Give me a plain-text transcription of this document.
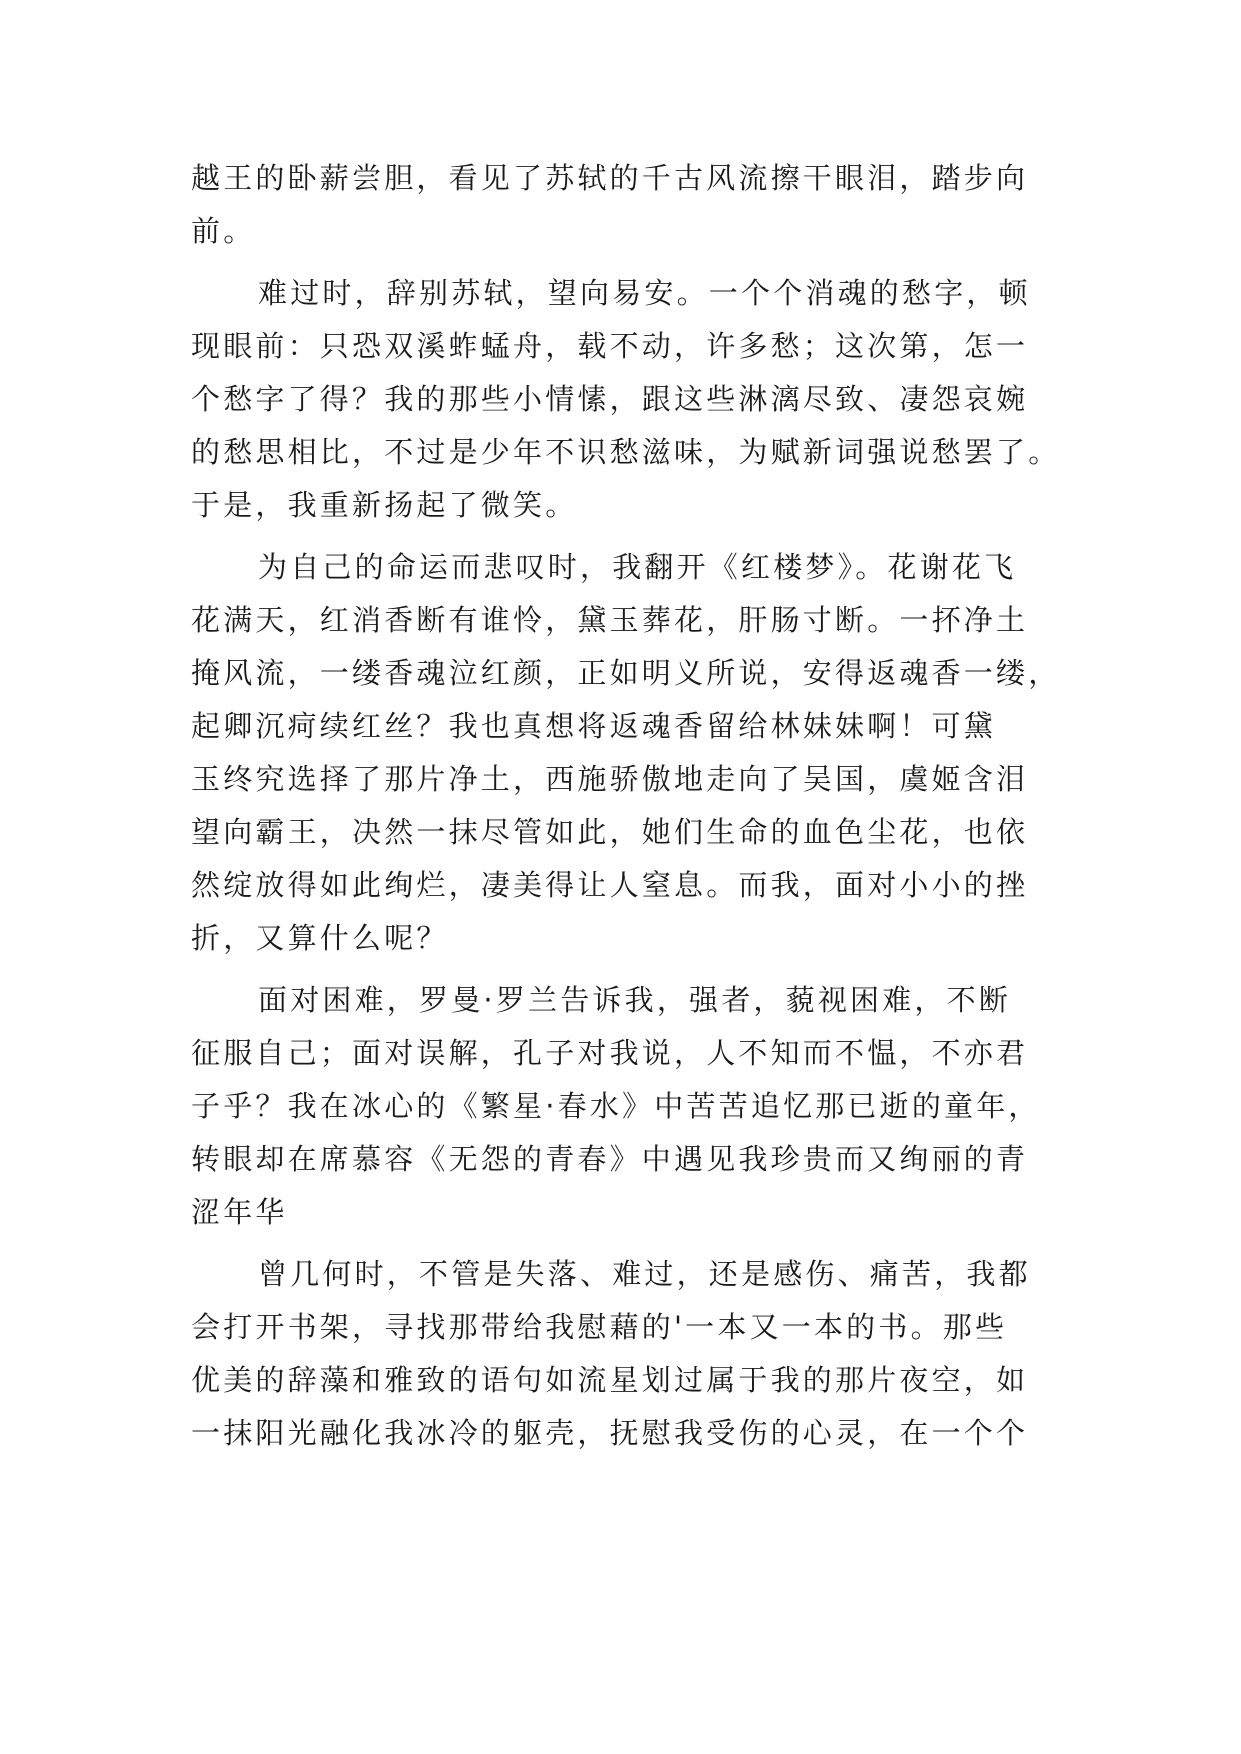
越王的卧薪尝胆，看见了苏轼的千古风流擦干眼泪，踏步向
前。
难过时，辞别苏轼，望向易安。一个个消魂的愁字，顿
现眼前：只恐双溪蚱蜢舟，载不动，许多愁；这次第，怎一
个愁字了得？我的那些小情愫，跟这些淋漓尽致、凄怨哀婉
的愁思相比，不过是少年不识愁滋味，为赋新词强说愁罢了。
于是，我重新扬起了微笑。
为自己的命运而悲叹时，我翻开《红楼梦》。花谢花飞
花满天，红消香断有谁怜，黛玉葬花，肝肠寸断。一抔净土
掩风流，一缕香魂泣红颜，正如明义所说，安得返魂香一缕，
起卿沉疴续红丝？我也真想将返魂香留给林妹妹啊！可黛
玉终究选择了那片净土，西施骄傲地走向了吴国，虞姬含泪
望向霸王，决然一抹尽管如此，她们生命的血色尘花，也依
然绽放得如此绚烂，凄美得让人窒息。而我，面对小小的挫
折，又算什么呢？
面对困难，罗曼·罗兰告诉我，强者，藐视困难，不断
征服自己；面对误解，孔子对我说，人不知而不愠，不亦君
子乎？我在冰心的《繁星·春水》中苦苦追忆那已逝的童年，
转眼却在席慕容《无怨的青春》中遇见我珍贵而又绚丽的青
涩年华
曾几何时，不管是失落、难过，还是感伤、痛苦，我都
会打开书架，寻找那带给我慰藉的'一本又一本的书。那些
优美的辞藻和雅致的语句如流星划过属于我的那片夜空，如
一抹阳光融化我冰冷的躯壳，抚慰我受伤的心灵，在一个个
